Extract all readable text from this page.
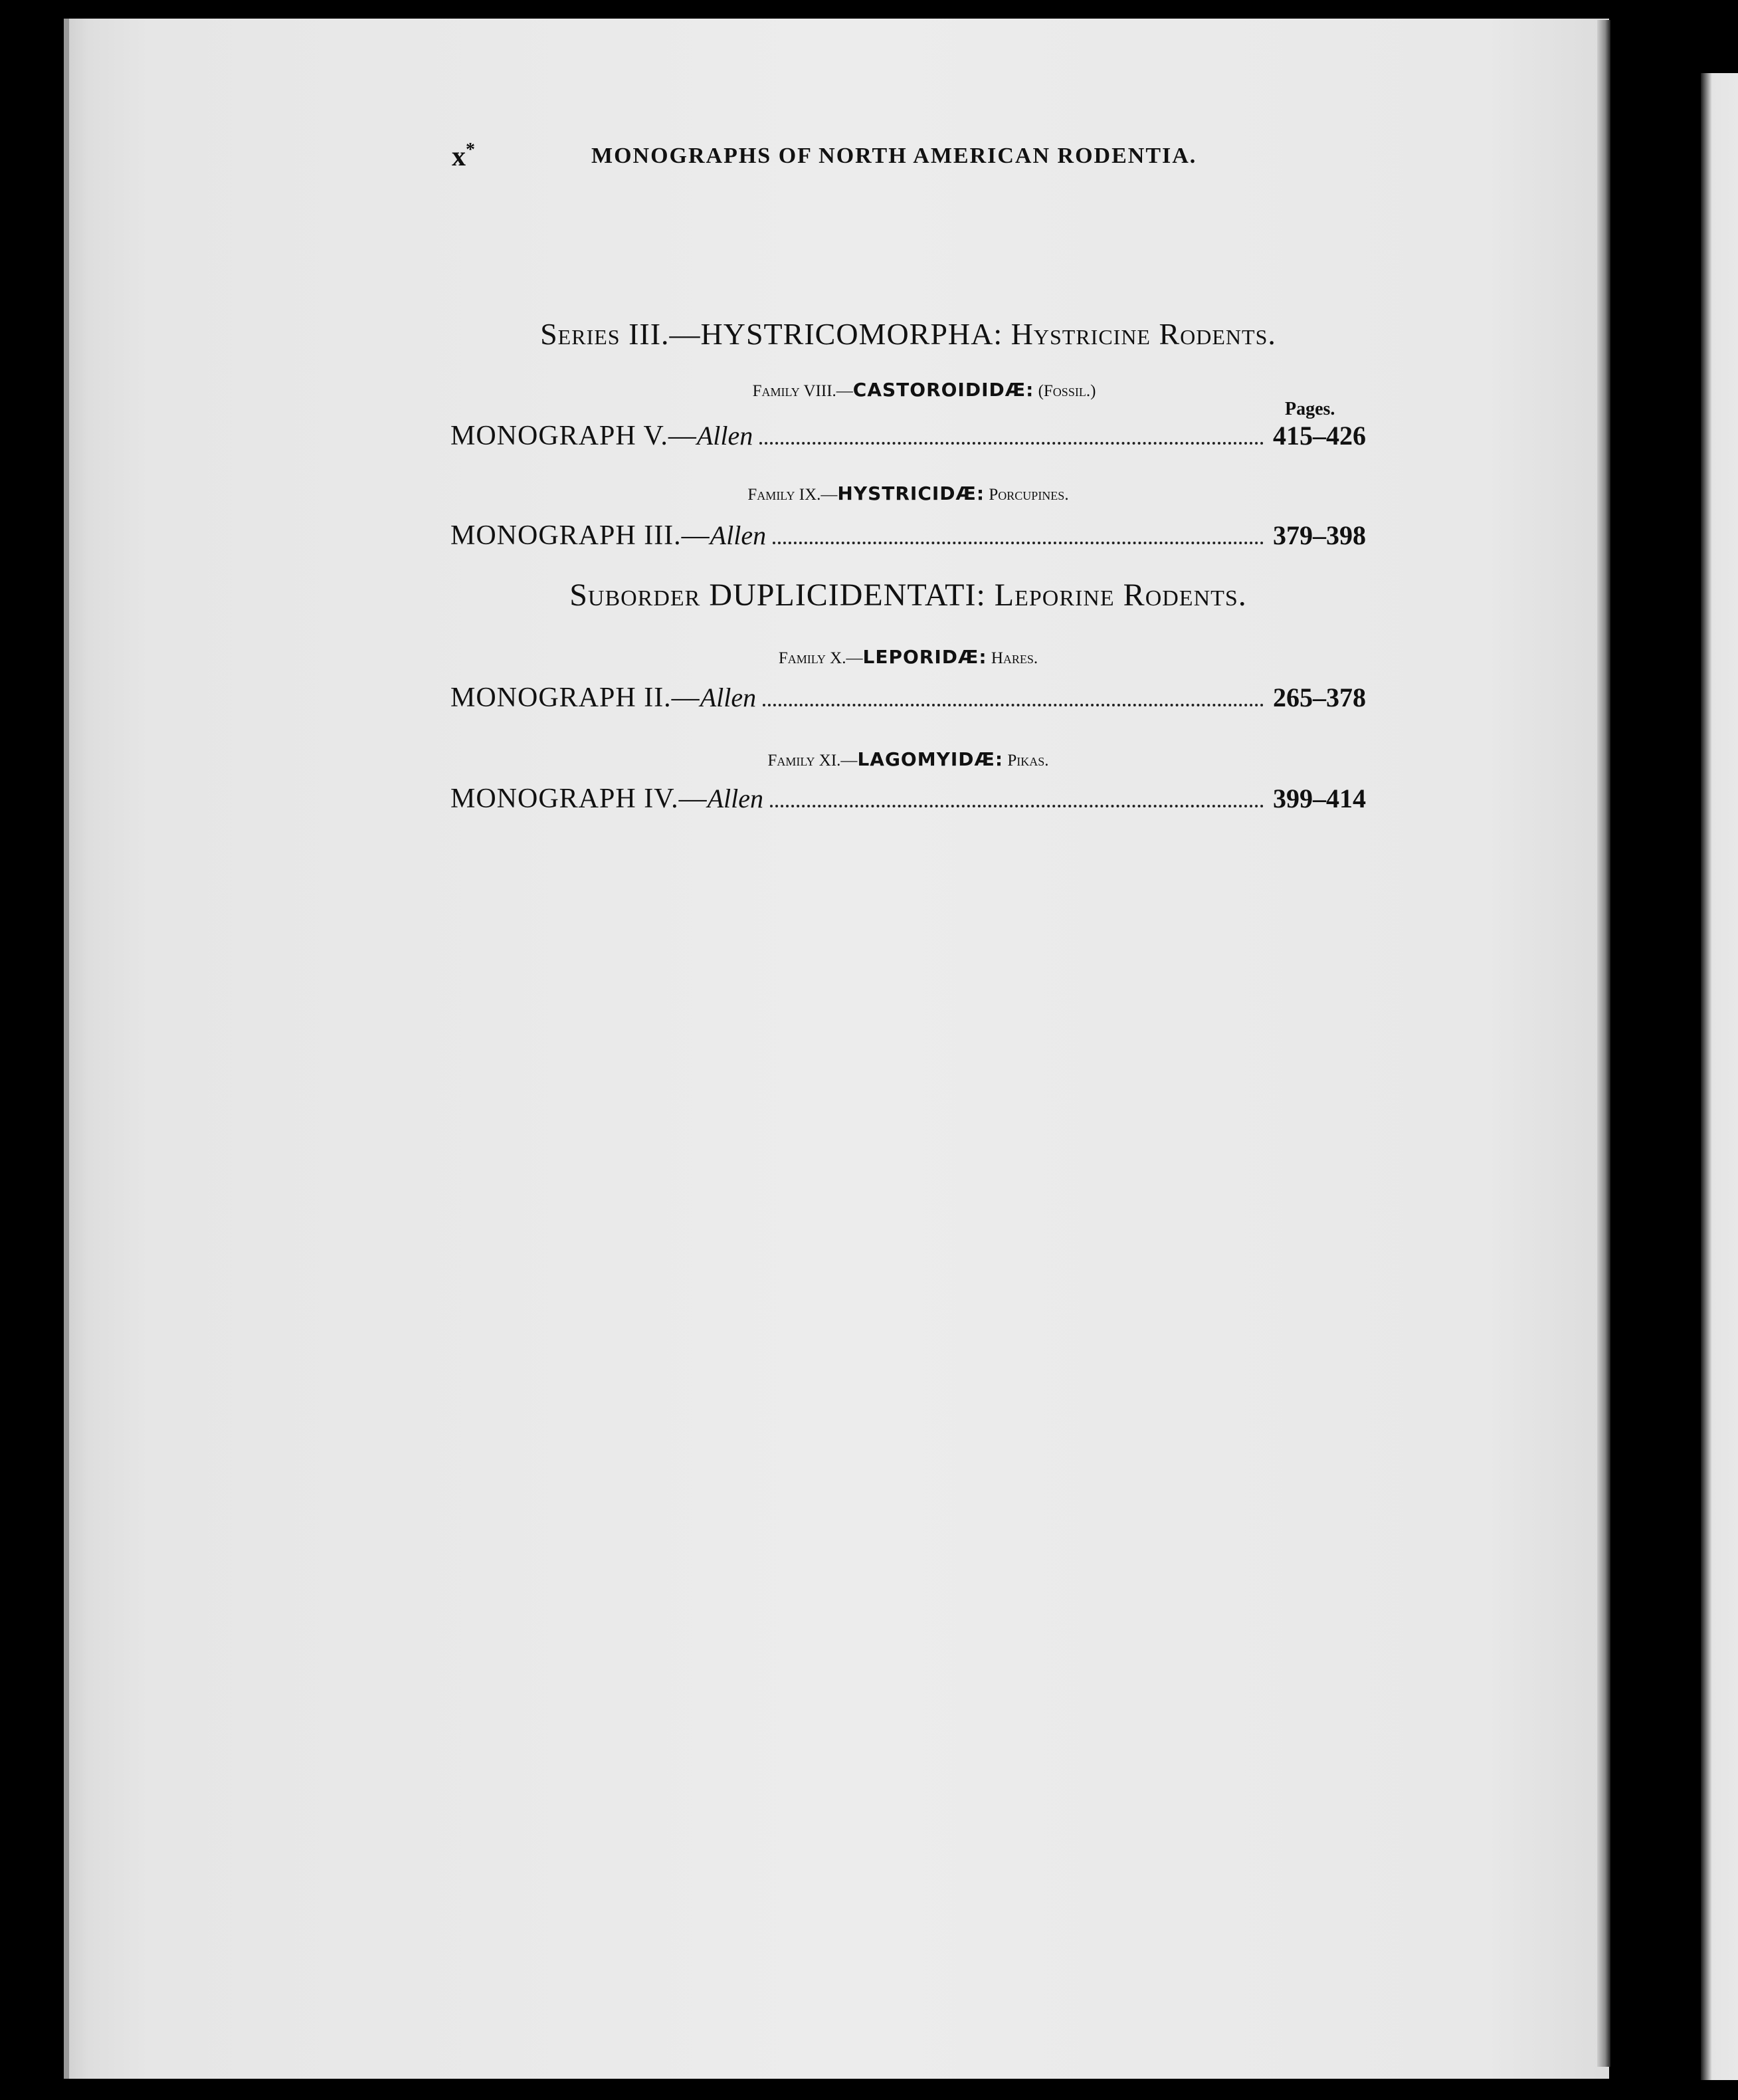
x*	MONOGRAPHS OF NORTH AMERICAN RODENTIA.
Series III.—HYSTRICOMORPHA: Hystricine Rodents.
Family VIII.—CASTOROIDIDÆ: (Fossil.)
Pages.
MONOGRAPH V.— Allen	415–426
Family IX.—HYSTRICIDÆ: Porcupines.
MONOGRAPH III.— Allen	379–398
Suborder DUPLICIDENTATI: Leporine Rodents.
Family X.—LEPORIDÆ: Hares.
MONOGRAPH II.— Allen	265–378
Family XI.—LAGOMYIDÆ: Pikas.
MONOGRAPH IV.— Allen	399–414
